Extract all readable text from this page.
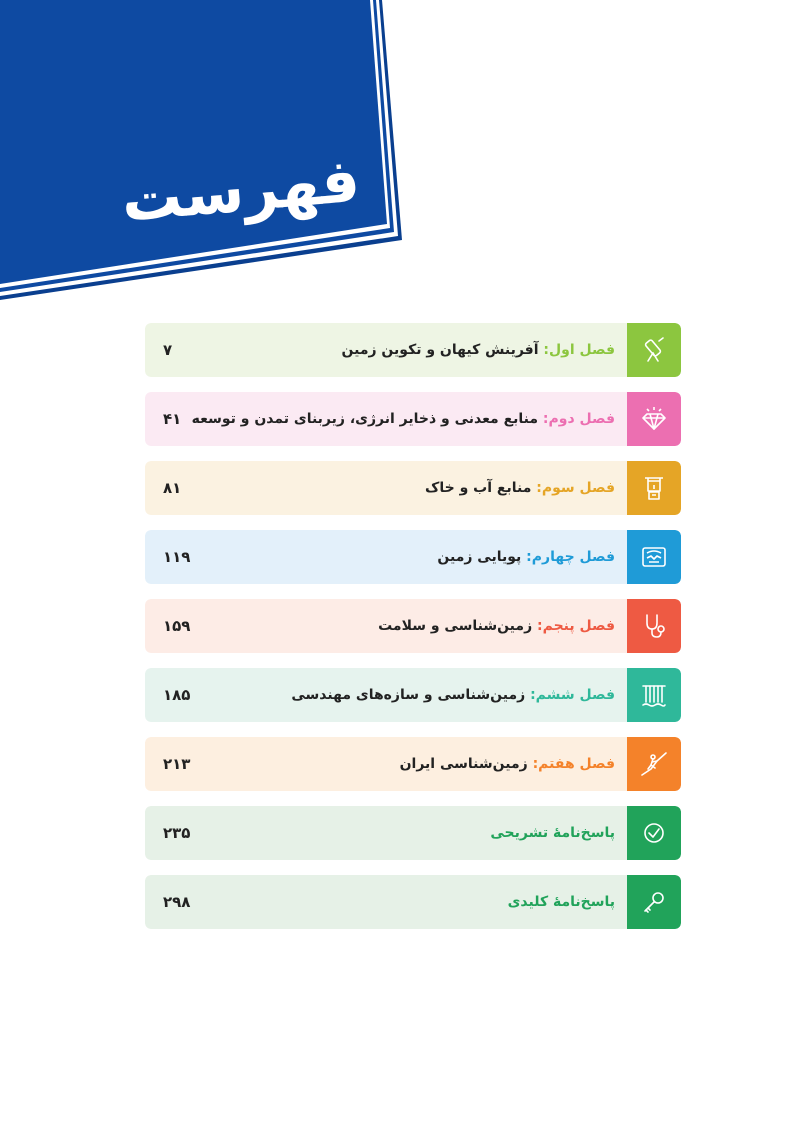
فهرست
فصل اول: آفرینش کیهان و تکوین زمین
۷
فصل دوم: منابع معدنی و ذخایر انرژی، زیربنای تمدن و توسعه
۴۱
فصل سوم: منابع آب و خاک
۸۱
فصل چهارم: پویایی زمین
۱۱۹
فصل پنجم: زمین‌شناسی و سلامت
۱۵۹
فصل ششم: زمین‌شناسی و سازه‌های مهندسی
۱۸۵
فصل هفتم: زمین‌شناسی ایران
۲۱۳
پاسخ‌نامهٔ تشریحی
۲۳۵
پاسخ‌نامهٔ کلیدی
۲۹۸
